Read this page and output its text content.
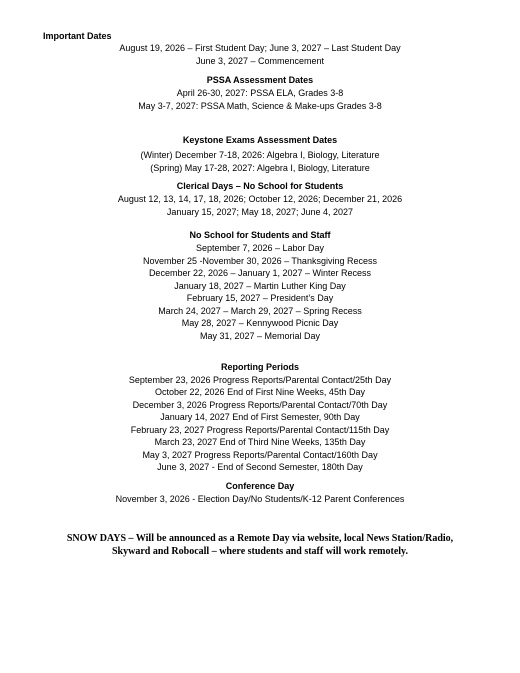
Important Dates
August 19, 2026 – First Student Day; June 3, 2027 – Last Student Day
June 3, 2027 – Commencement
PSSA Assessment Dates
April 26-30, 2027: PSSA ELA, Grades 3-8
May 3-7, 2027: PSSA Math, Science & Make-ups Grades 3-8
Keystone Exams Assessment Dates
(Winter) December 7-18, 2026: Algebra I, Biology, Literature
(Spring) May 17-28, 2027: Algebra I, Biology, Literature
Clerical Days – No School for Students
August 12, 13, 14, 17, 18, 2026; October 12, 2026; December 21, 2026
January 15, 2027; May 18, 2027; June 4, 2027
No School for Students and Staff
September 7, 2026 – Labor Day
November 25 -November 30, 2026 – Thanksgiving Recess
December 22, 2026 – January 1, 2027 – Winter Recess
January 18, 2027 – Martin Luther King Day
February 15, 2027 – President’s Day
March 24, 2027 – March 29, 2027 – Spring Recess
May 28, 2027 – Kennywood Picnic Day
May 31, 2027 – Memorial Day
Reporting Periods
September 23, 2026 Progress Reports/Parental Contact/25th Day
October 22, 2026 End of First Nine Weeks, 45th Day
December 3, 2026 Progress Reports/Parental Contact/70th Day
January 14, 2027 End of First Semester, 90th Day
February 23, 2027 Progress Reports/Parental Contact/115th Day
March 23, 2027 End of Third Nine Weeks, 135th Day
May 3, 2027 Progress Reports/Parental Contact/160th Day
June 3, 2027 - End of Second Semester, 180th Day
Conference Day
November 3, 2026 - Election Day/No Students/K-12 Parent Conferences
SNOW DAYS – Will be announced as a Remote Day via website, local News Station/Radio,
Skyward and Robocall – where students and staff will work remotely.
